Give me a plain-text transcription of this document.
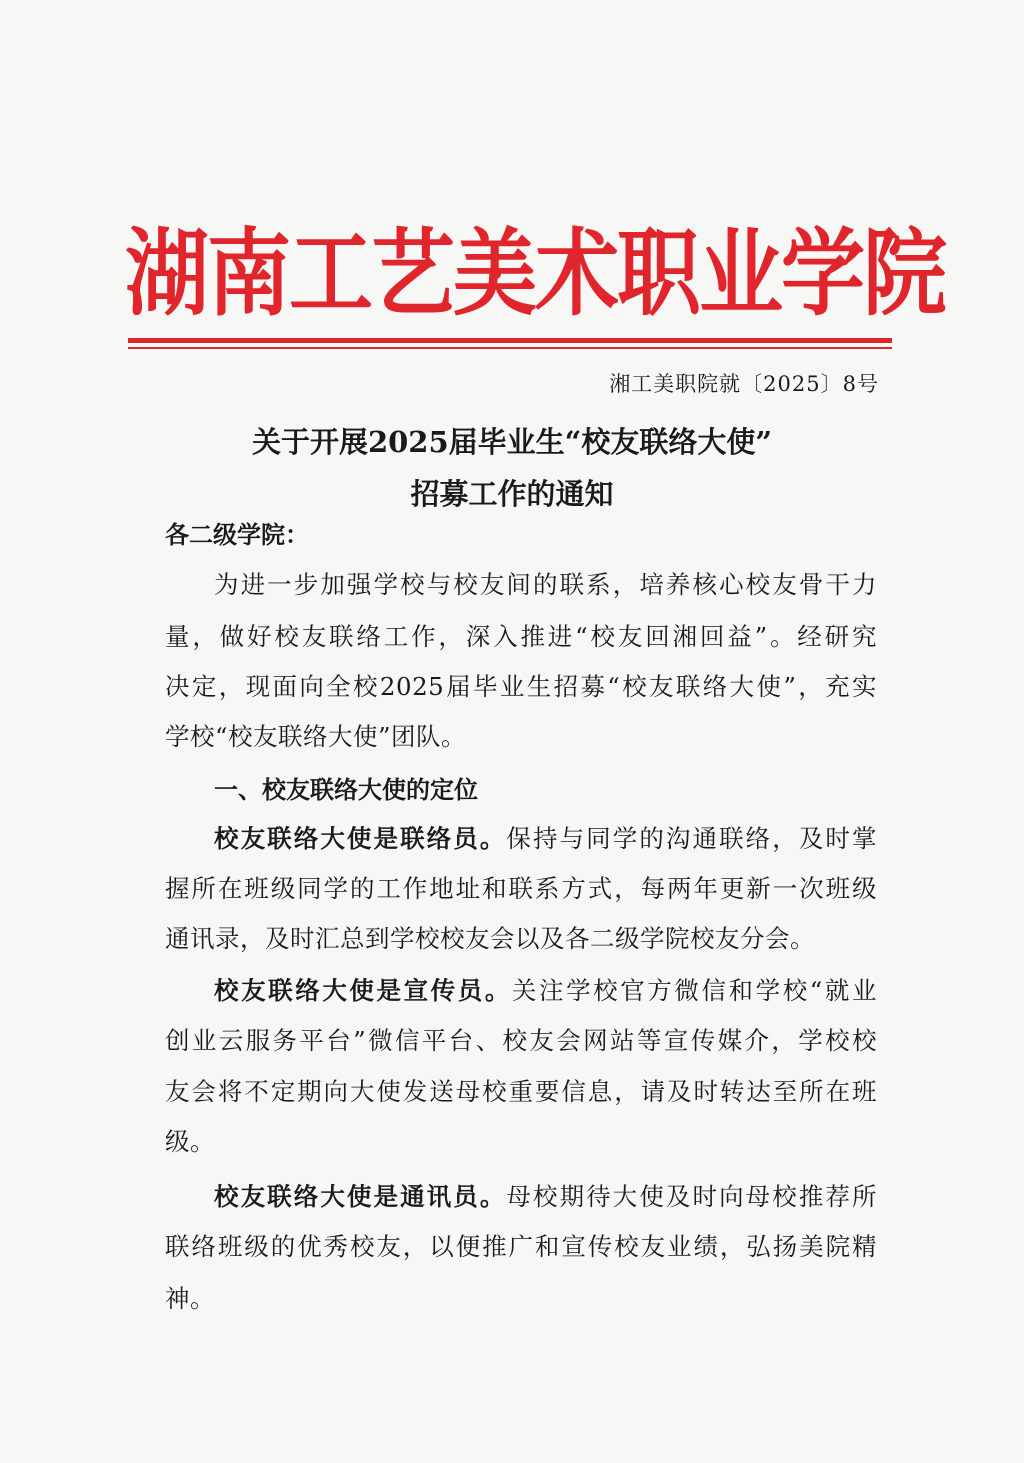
湖南工艺美术职业学院
湘工美职院就〔2025〕8号
关于开展2025届毕业生“校友联络大使”
招募工作的通知
各二级学院：
为进一步加强学校与校友间的联系，培养核心校友骨干力
量，做好校友联络工作，深入推进“校友回湘回益”。经研究
决定，现面向全校2025届毕业生招募“校友联络大使”，充实
学校“校友联络大使”团队。
一、校友联络大使的定位
校友联络大使是联络员。保持与同学的沟通联络，及时掌
握所在班级同学的工作地址和联系方式，每两年更新一次班级
通讯录，及时汇总到学校校友会以及各二级学院校友分会。
校友联络大使是宣传员。关注学校官方微信和学校“就业
创业云服务平台”微信平台、校友会网站等宣传媒介，学校校
友会将不定期向大使发送母校重要信息，请及时转达至所在班
级。
校友联络大使是通讯员。母校期待大使及时向母校推荐所
联络班级的优秀校友，以便推广和宣传校友业绩，弘扬美院精
神。
